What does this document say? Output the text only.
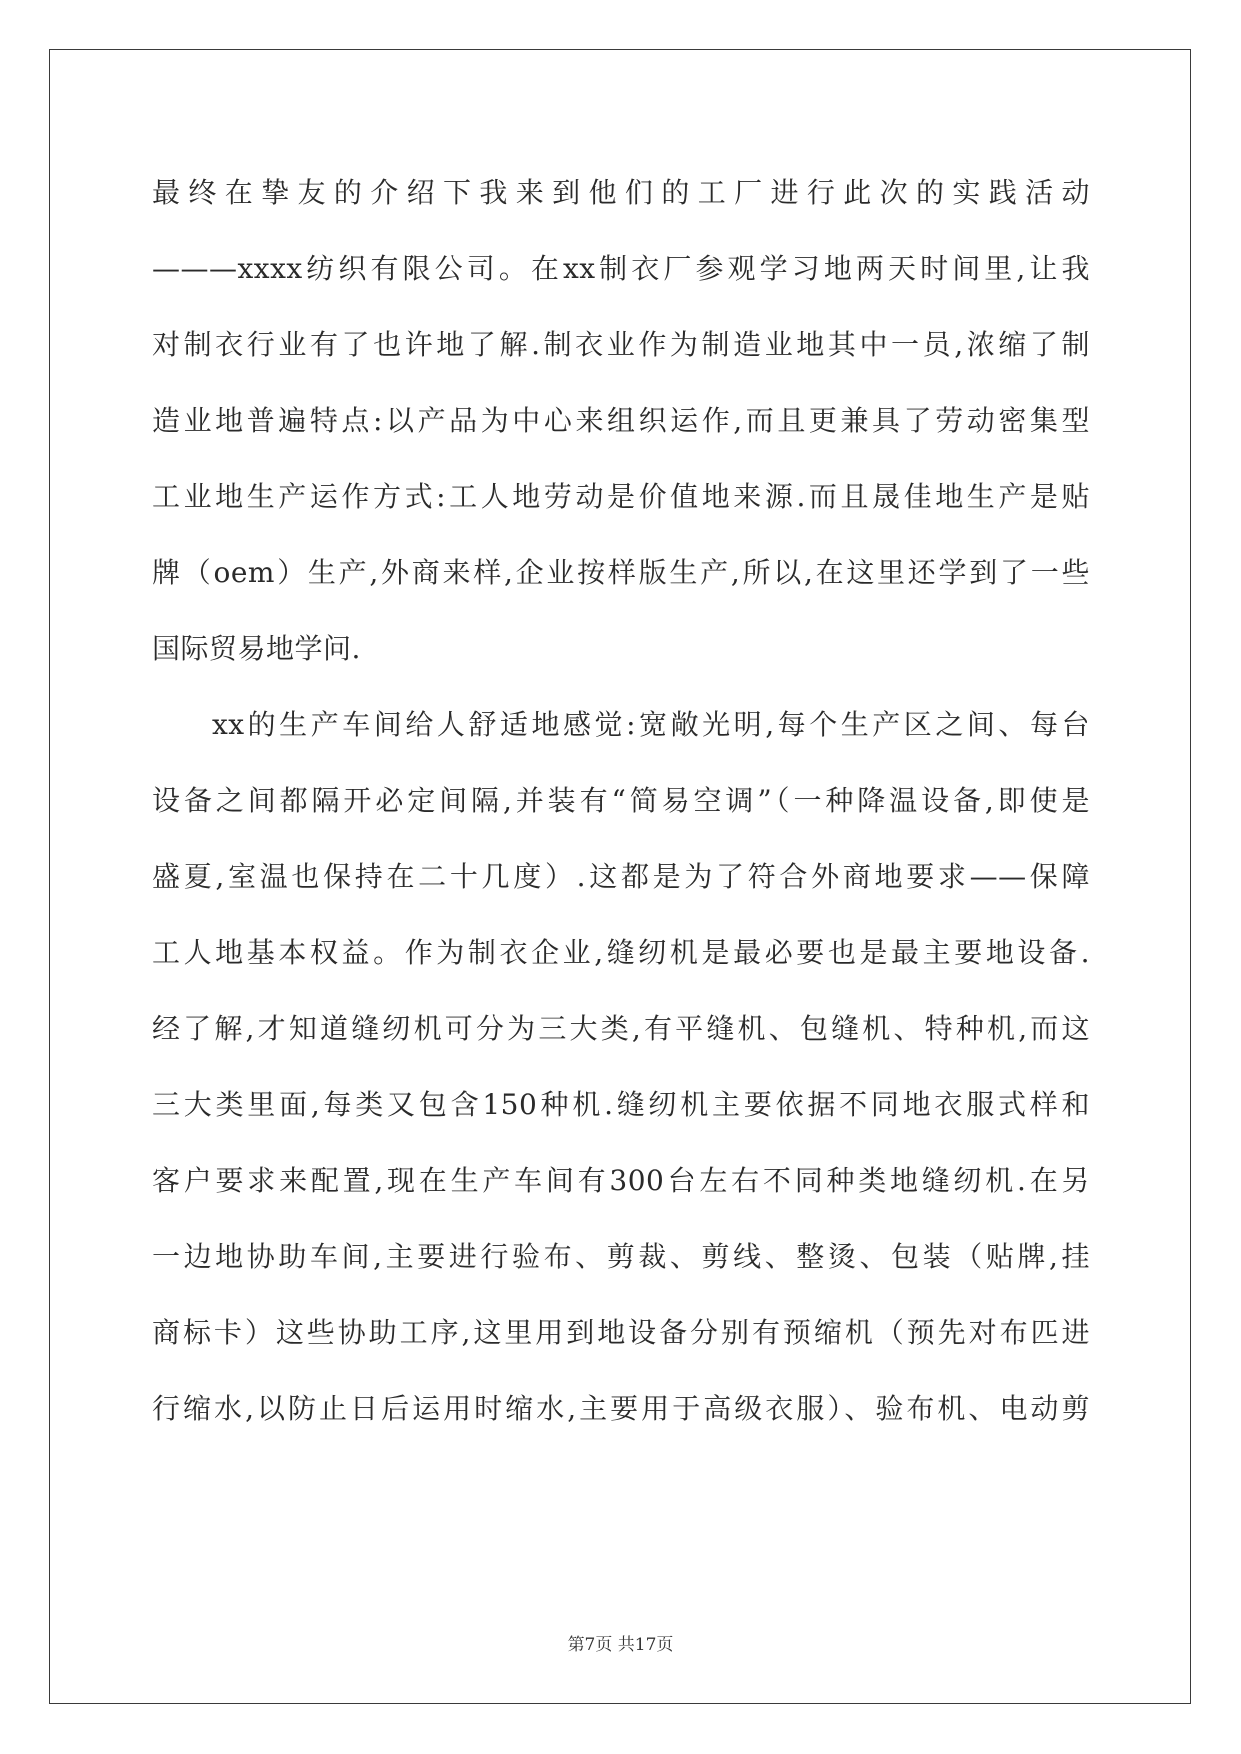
最终在挚友的介绍下我来到他们的工厂进行此次的实践活动
———xxxx纺织有限公司。在xx制衣厂参观学习地两天时间里,让我
对制衣行业有了也许地了解.制衣业作为制造业地其中一员,浓缩了制
造业地普遍特点:以产品为中心来组织运作,而且更兼具了劳动密集型
工业地生产运作方式:工人地劳动是价值地来源.而且晟佳地生产是贴
牌（oem）生产,外商来样,企业按样版生产,所以,在这里还学到了一些
国际贸易地学问.
xx的生产车间给人舒适地感觉:宽敞光明,每个生产区之间、每台
设备之间都隔开必定间隔,并装有“简易空调”（一种降温设备,即使是
盛夏,室温也保持在二十几度）.这都是为了符合外商地要求——保障
工人地基本权益。作为制衣企业,缝纫机是最必要也是最主要地设备.
经了解,才知道缝纫机可分为三大类,有平缝机、包缝机、特种机,而这
三大类里面,每类又包含150种机.缝纫机主要依据不同地衣服式样和
客户要求来配置,现在生产车间有300台左右不同种类地缝纫机.在另
一边地协助车间,主要进行验布、剪裁、剪线、整烫、包装（贴牌,挂
商标卡）这些协助工序,这里用到地设备分别有预缩机（预先对布匹进
行缩水,以防止日后运用时缩水,主要用于高级衣服）、验布机、电动剪
第7页 共17页
